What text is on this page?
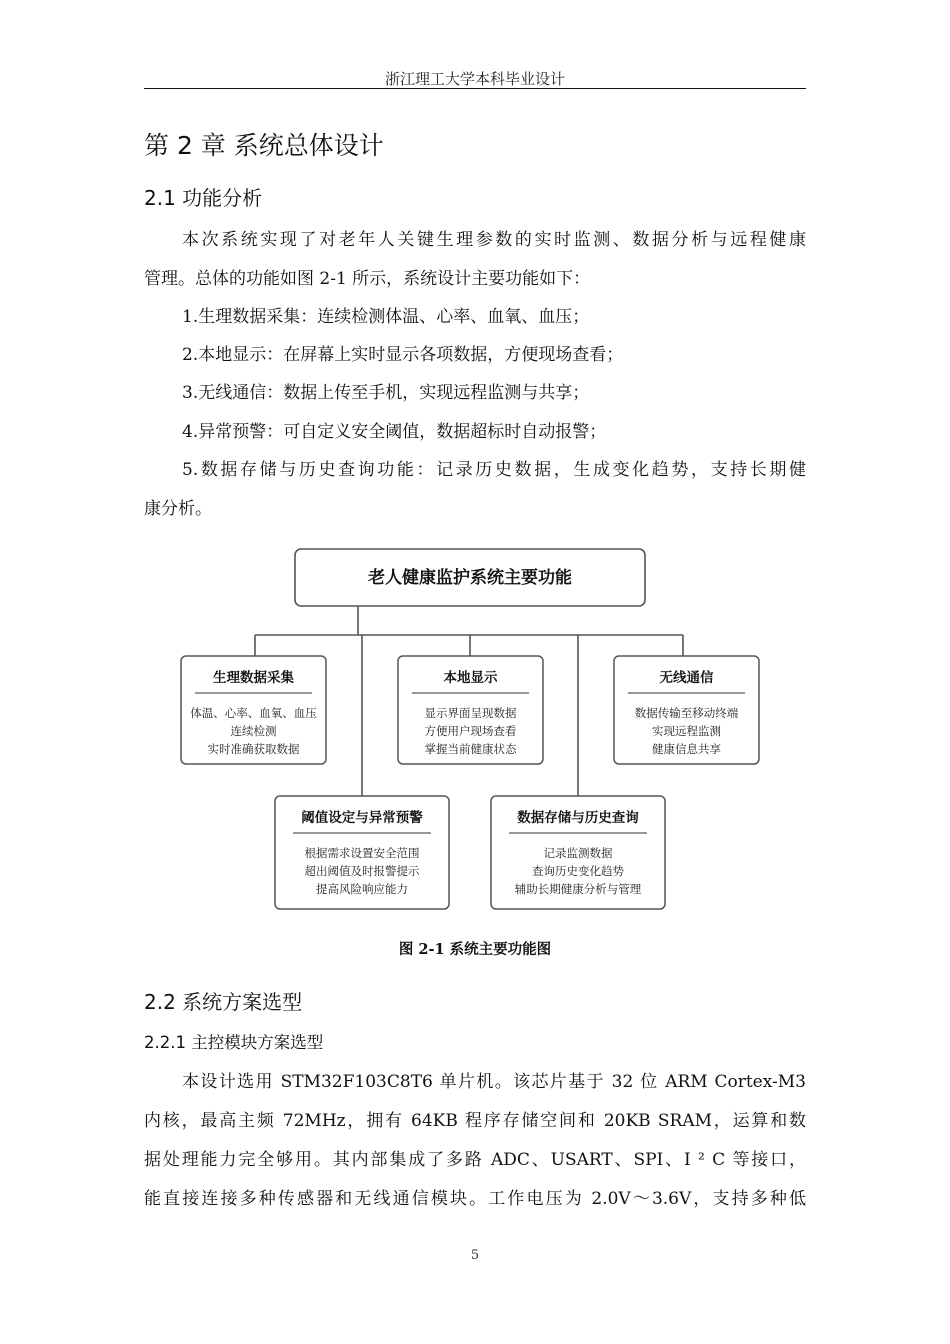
浙江理工大学本科毕业设计
第 2 章 系统总体设计
2.1 功能分析
本次系统实现了对老年人关键生理参数的实时监测、数据分析与远程健康
管理。总体的功能如图 2-1 所示，系统设计主要功能如下：
1.生理数据采集：连续检测体温、心率、血氧、血压；
2.本地显示：在屏幕上实时显示各项数据，方便现场查看；
3.无线通信：数据上传至手机，实现远程监测与共享；
4.异常预警：可自定义安全阈值，数据超标时自动报警；
5.数据存储与历史查询功能：记录历史数据，生成变化趋势，支持长期健
康分析。
老人健康监护系统主要功能
生理数据采集
体温、心率、血氧、血压
连续检测
实时准确获取数据
本地显示
显示界面呈现数据
方便用户现场查看
掌握当前健康状态
无线通信
数据传输至移动终端
实现远程监测
健康信息共享
阈值设定与异常预警
根据需求设置安全范围
超出阈值及时报警提示
提高风险响应能力
数据存储与历史查询
记录监测数据
查询历史变化趋势
辅助长期健康分析与管理
图 2-1 系统主要功能图
2.2 系统方案选型
2.2.1 主控模块方案选型
本设计选用 STM32F103C8T6 单片机。该芯片基于 32 位 ARM Cortex-M3
内核，最高主频 72MHz，拥有 64KB 程序存储空间和 20KB SRAM，运算和数
据处理能力完全够用。其内部集成了多路 ADC、USART、SPI、I ² C 等接口，
能直接连接多种传感器和无线通信模块。工作电压为 2.0V～3.6V，支持多种低
5
